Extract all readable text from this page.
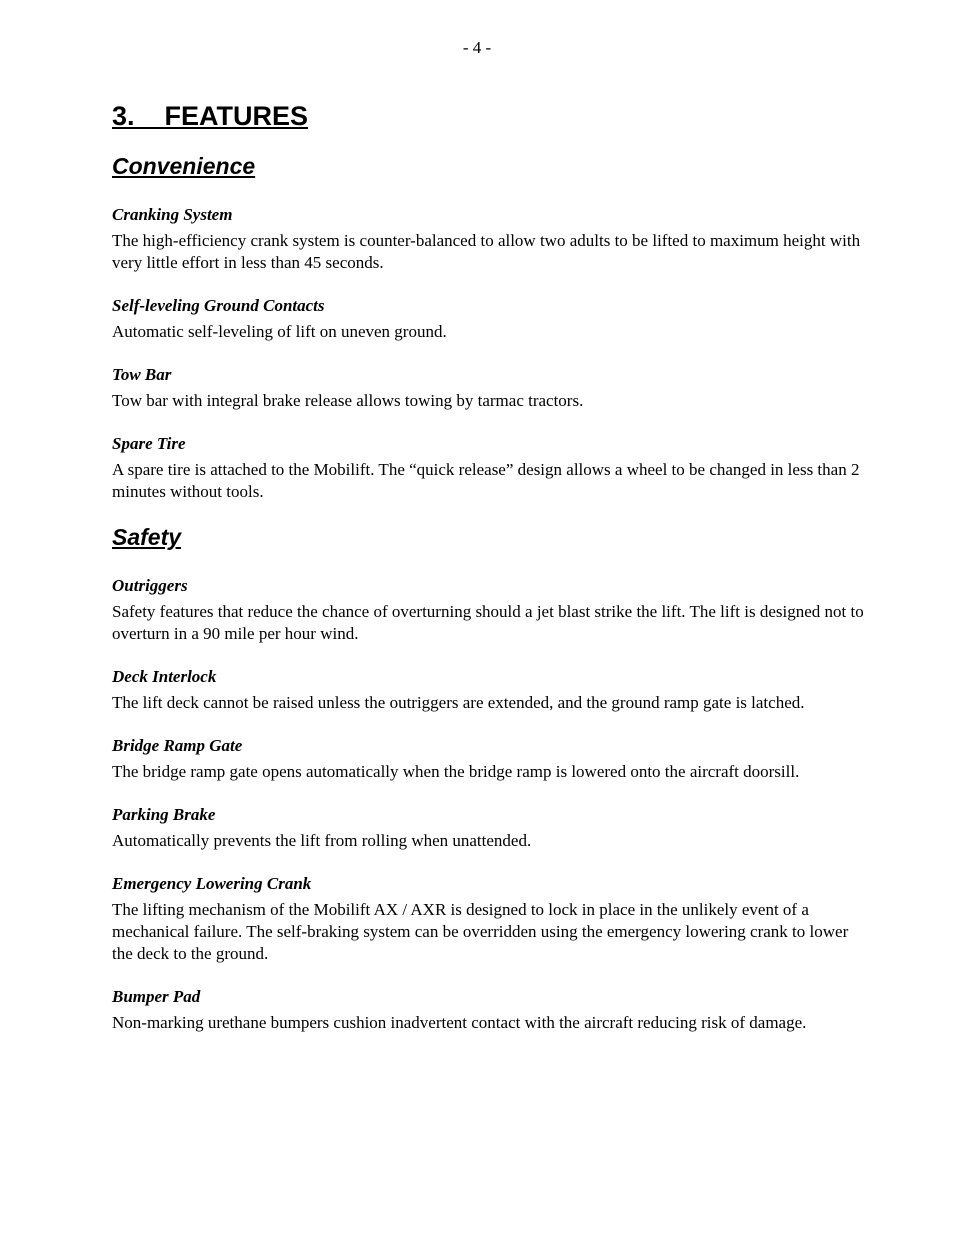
- 4 -
3.    FEATURES
Convenience
Cranking System

The high-efficiency crank system is counter-balanced to allow two adults to be lifted to maximum height with very little effort in less than 45 seconds.

Self-leveling Ground Contacts

Automatic self-leveling of lift on uneven ground.

Tow Bar

Tow bar with integral brake release allows towing by tarmac tractors.

Spare Tire

A spare tire is attached to the Mobilift. The “quick release” design allows a wheel to be changed in less than 2 minutes without tools.

Safety
Outriggers

Safety features that reduce the chance of overturning should a jet blast strike the lift. The lift is designed not to overturn in a 90 mile per hour wind.

Deck Interlock

The lift deck cannot be raised unless the outriggers are extended, and the ground ramp gate is latched.

Bridge Ramp Gate

The bridge ramp gate opens automatically when the bridge ramp is lowered onto the aircraft doorsill.

Parking Brake

Automatically prevents the lift from rolling when unattended.

Emergency Lowering Crank

The lifting mechanism of the Mobilift AX / AXR is designed to lock in place in the unlikely event of a mechanical failure. The self-braking system can be overridden using the emergency lowering crank to lower the deck to the ground.

Bumper Pad

Non-marking urethane bumpers cushion inadvertent contact with the aircraft reducing risk of damage.
